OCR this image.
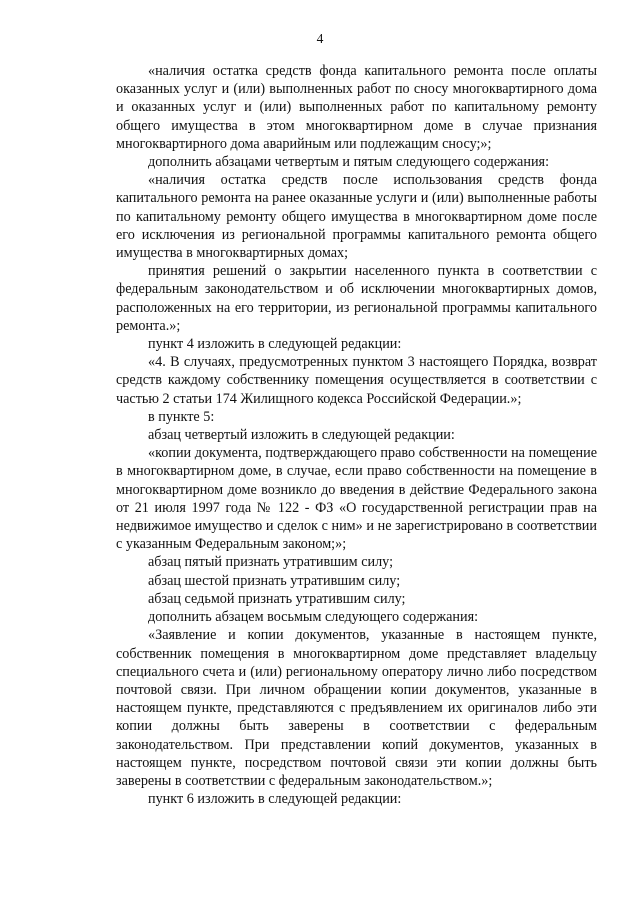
4

«наличия остатка средств фонда капитального ремонта после оплаты оказанных услуг и (или) выполненных работ по сносу многоквартирного дома и оказанных услуг и (или) выполненных работ по капитальному ремонту общего имущества в этом многоквартирном доме в случае признания многоквартирного дома аварийным или подлежащим сносу;»;

дополнить абзацами четвертым и пятым следующего содержания:

«наличия остатка средств после использования средств фонда капитального ремонта на ранее оказанные услуги и (или) выполненные работы по капитальному ремонту общего имущества в многоквартирном доме после его исключения из региональной программы капитального ремонта общего имущества в многоквартирных домах;

принятия решений о закрытии населенного пункта в соответствии с федеральным законодательством и об исключении многоквартирных домов, расположенных на его территории, из региональной программы капитального ремонта.»;

пункт 4 изложить в следующей редакции:

«4. В случаях, предусмотренных пунктом 3 настоящего Порядка, возврат средств каждому собственнику помещения осуществляется в соответствии с частью 2 статьи 174 Жилищного кодекса Российской Федерации.»;

в пункте 5:

абзац четвертый изложить в следующей редакции:

«копии документа, подтверждающего право собственности на помещение в многоквартирном доме, в случае, если право собственности на помещение в многоквартирном доме возникло до введения в действие Федерального закона от 21 июля 1997 года № 122 - ФЗ «О государственной регистрации прав на недвижимое имущество и сделок с ним» и не зарегистрировано в соответствии с указанным Федеральным законом;»;

абзац пятый признать утратившим силу;

абзац шестой признать утратившим силу;

абзац седьмой признать утратившим силу;

дополнить абзацем восьмым следующего содержания:

«Заявление и копии документов, указанные в настоящем пункте, собственник помещения в многоквартирном доме представляет владельцу специального счета и (или) региональному оператору лично либо посредством почтовой связи. При личном обращении копии документов, указанные в настоящем пункте, представляются с предъявлением их оригиналов либо эти копии должны быть заверены в соответствии с федеральным законодательством. При представлении копий документов, указанных в настоящем пункте, посредством почтовой связи эти копии должны быть заверены в соответствии с федеральным законодательством.»;

пункт 6 изложить в следующей редакции:
